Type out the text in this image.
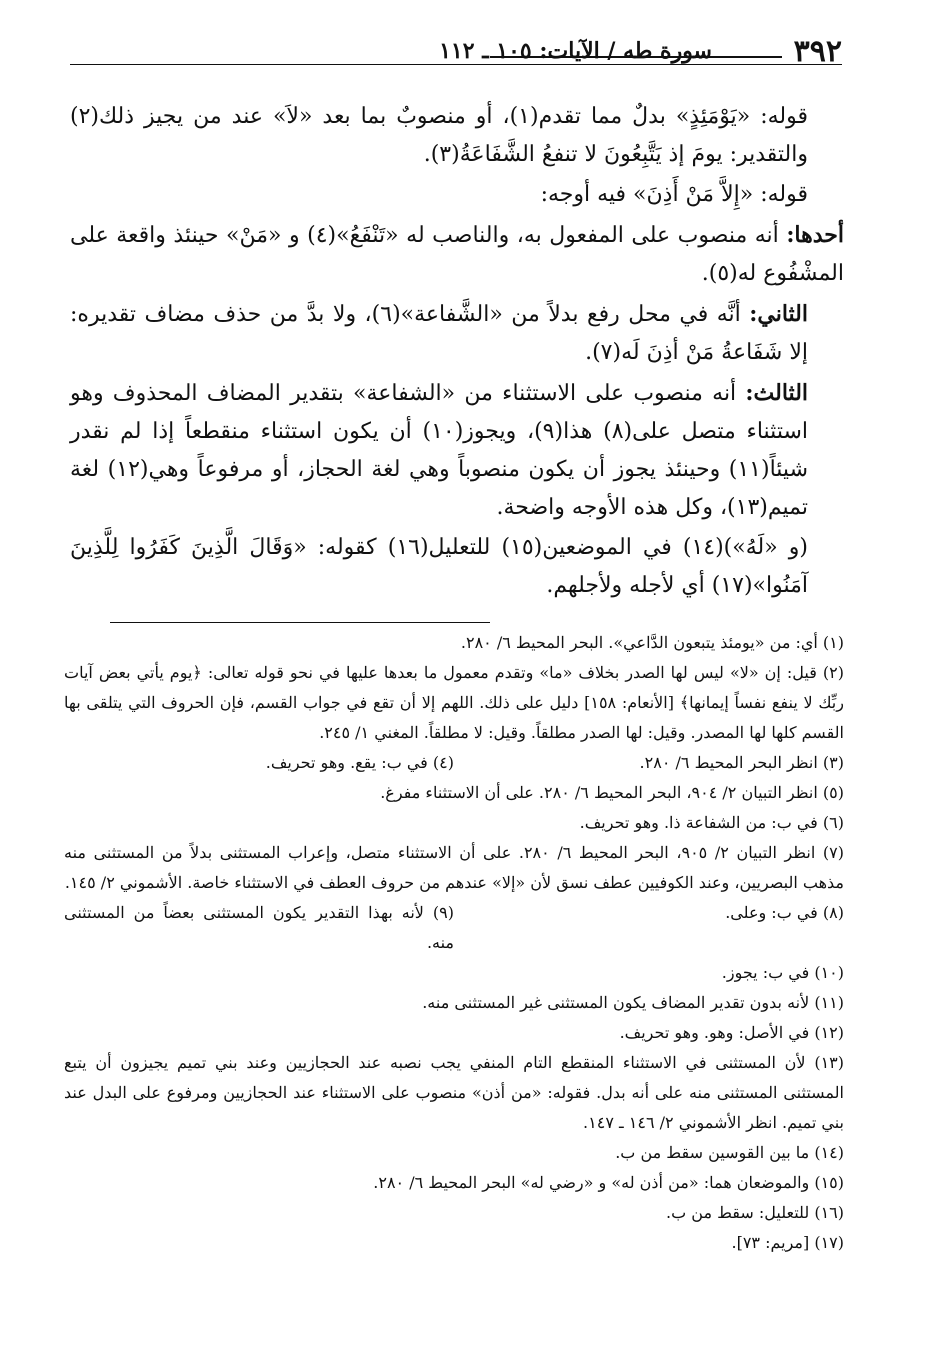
٣٩٢
سورة طه / الآيات: ١٠٥ ـ ١١٢

قوله: «يَوْمَئِذٍ» بدلٌ مما تقدم(١)، أو منصوبٌ بما بعد «لاَ» عند من يجيز ذلك(٢) والتقدير: يومَ إذ يَتَّبِعُونَ لا تنفعُ الشَّفَاعَةُ(٣).

قوله: «إِلاَّ مَنْ أَذِنَ» فيه أوجه:

أحدها: أنه منصوب على المفعول به، والناصب له «تَنْفَعُ»(٤) و «مَنْ» حينئذ واقعة على المشْفُوع له(٥).

الثاني: أنَّه في محل رفع بدلاً من «الشَّفاعة»(٦)، ولا بدَّ من حذف مضاف تقديره: إلا شَفَاعةُ مَنْ أذِنَ لَه(٧).

الثالث: أنه منصوب على الاستثناء من «الشفاعة» بتقدير المضاف المحذوف وهو استثناء متصل على(٨) هذا(٩)، ويجوز(١٠) أن يكون استثناء منقطعاً إذا لم نقدر شيئاً(١١) وحينئذ يجوز أن يكون منصوباً وهي لغة الحجاز، أو مرفوعاً وهي(١٢) لغة تميم(١٣)، وكل هذه الأوجه واضحة.

(و «لَهُ»)(١٤) في الموضعين(١٥) للتعليل(١٦) كقوله: «وَقَالَ الَّذِينَ كَفَرُوا لِلَّذِينَ آمَنُوا»(١٧) أي لأجله ولأجلهم.

(١) أي: من «يومئذ يتبعون الدَّاعي». البحر المحيط ٦/ ٢٨٠.

(٢) قيل: إن «لا» ليس لها الصدر بخلاف «ما» وتقدم معمول ما بعدها عليها في نحو قوله تعالى: ﴿يوم يأتي بعض آيات ربِّك لا ينفع نفساً إيمانها﴾ [الأنعام: ١٥٨] دليل على ذلك. اللهم إلا أن تقع في جواب القسم، فإن الحروف التي يتلقى بها القسم كلها لها المصدر. وقيل: لها الصدر مطلقاً. وقيل: لا مطلقاً. المغني ١/ ٢٤٥.

(٣) انظر البحر المحيط ٦/ ٢٨٠.

(٤) في ب: يقع. وهو تحريف.

(٥) انظر التبيان ٢/ ٩٠٤، البحر المحيط ٦/ ٢٨٠. على أن الاستثناء مفرغ.

(٦) في ب: من الشفاعة ذا. وهو تحريف.

(٧) انظر التبيان ٢/ ٩٠٥، البحر المحيط ٦/ ٢٨٠. على أن الاستثناء متصل، وإعراب المستثنى بدلاً من المستثنى منه مذهب البصريين، وعند الكوفيين عطف نسق لأن «إلا» عندهم من حروف العطف في الاستثناء خاصة. الأشموني ٢/ ١٤٥.

(٨) في ب: وعلى.

(٩) لأنه بهذا التقدير يكون المستثنى بعضاً من المستثنى منه.

(١٠) في ب: يجوز.

(١١) لأنه بدون تقدير المضاف يكون المستثنى غير المستثنى منه.

(١٢) في الأصل: وهو. وهو تحريف.

(١٣) لأن المستثنى في الاستثناء المنقطع التام المنفي يجب نصبه عند الحجازيين وعند بني تميم يجيزون أن يتبع المستثنى المستثنى منه على أنه بدل. فقوله: «من أذن» منصوب على الاستثناء عند الحجازيين ومرفوع على البدل عند بني تميم. انظر الأشموني ٢/ ١٤٦ ـ ١٤٧.

(١٤) ما بين القوسين سقط من ب.

(١٥) والموضعان هما: «من أذن له» و «رضي له» البحر المحيط ٦/ ٢٨٠.

(١٦) للتعليل: سقط من ب.

(١٧) [مريم: ٧٣].
